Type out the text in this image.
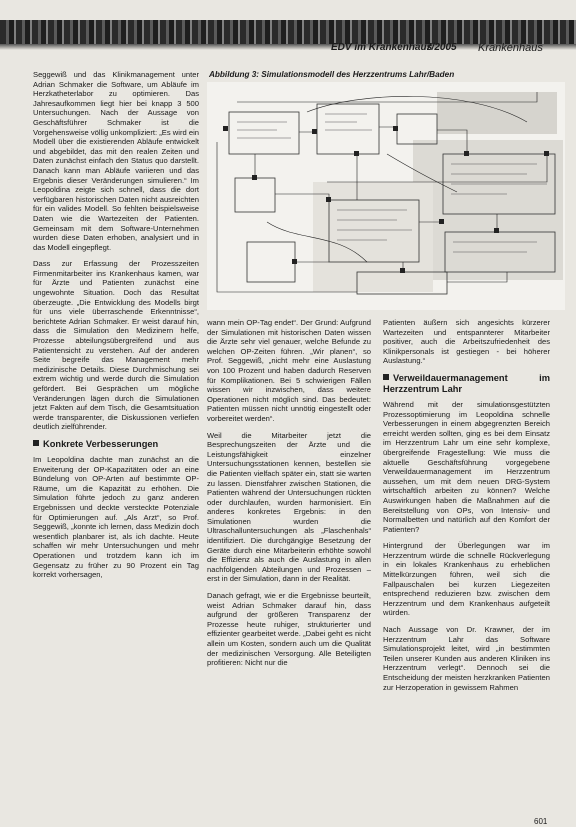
EDV im Krankenhaus
7/2005 Krankenhaus

Seggewiß und das Klinikmanagement unter Adrian Schmaker die Software, um Abläufe im Herzkatheterlabor zu optimieren. Das Jahresaufkommen liegt hier bei knapp 3 500 Untersuchungen. Nach der Aussage von Geschäftsführer Schmaker ist die Vorgehensweise völlig unkompliziert: „Es wird ein Modell über die existierenden Abläufe entwickelt und abgebildet, das mit den realen Zeiten und Daten zunächst einfach den Status quo darstellt. Danach kann man Abläufe variieren und das Ergebnis dieser Veränderungen simulieren.“ Im Leopoldina zeigte sich schnell, dass die dort verfügbaren historischen Daten nicht ausreichten für ein valides Modell. So fehlten beispielsweise Daten wie die Wartezeiten der Patienten. Gemeinsam mit dem Software-Unternehmen wurden diese Daten erhoben, analysiert und in das Modell eingepflegt.

Dass zur Erfassung der Prozesszeiten Firmenmitarbeiter ins Krankenhaus kamen, war für Ärzte und Patienten zunächst eine ungewohnte Situation. Doch das Resultat überzeugte. „Die Entwicklung des Modells birgt für uns viele überraschende Erkenntnisse“, berichtete Adrian Schmaker. Er weist darauf hin, dass die Simulation den Medizinern helfe, Prozesse abteilungsübergreifend und aus Patientensicht zu verstehen. Auf der anderen Seite begreife das Management mehr medizinische Details. Diese Durchmischung sei extrem wichtig und werde durch die Simulation gefördert. Bei Gesprächen um mögliche Veränderungen lägen durch die Simulationen jetzt Fakten auf dem Tisch, die Gesamtsituation werde transparenter, die Diskussionen verliefen deutlich zielführender.

Konkrete Verbesserungen

Im Leopoldina dachte man zunächst an die Erweiterung der OP-Kapazitäten oder an eine Bündelung von OP-Arten auf bestimmte OP-Räume, um die Kapazität zu erhöhen. Die Simulation führte jedoch zu ganz anderen Ergebnissen und deckte versteckte Potenziale für Optimierungen auf. „Als Arzt“, so Prof. Seggewiß, „konnte ich lernen, dass Medizin doch wesentlich planbarer ist, als ich dachte. Heute schaffen wir mehr Untersuchungen und mehr Operationen und trotzdem kann ich im Gegensatz zu früher zu 90 Prozent ein Tag korrekt vorhersagen,

Abbildung 3: Simulationsmodell des Herzzentrums Lahr/Baden

wann mein OP-Tag endet“. Der Grund: Aufgrund der Simulationen mit historischen Daten wissen die Ärzte sehr viel genauer, welche Befunde zu welchen OP-Zeiten führen. „Wir planen“, so Prof. Seggewiß, „nicht mehr eine Auslastung von 100 Prozent und haben dadurch Reserven für Komplikationen. Bei 5 schwierigen Fällen wissen wir inzwischen, dass weitere Operationen nicht möglich sind. Das bedeutet: Patienten müssen nicht unnötig eingestellt oder vorbereitet werden“.

Weil die Mitarbeiter jetzt die Besprechungszeiten der Ärzte und die Leistungsfähigkeit einzelner Untersuchungsstationen kennen, bestellen sie die Patienten vielfach später ein, statt sie warten zu lassen. Dienstfahrer zwischen Stationen, die Patienten während der Untersuchungen rückten oder durchlaufen, wurden harmonisiert. Ein anderes konkretes Ergebnis: in den Simulationen wurden die Ultraschalluntersuchungen als „Flaschenhals“ identifiziert. Die durchgängige Besetzung der Geräte durch eine Mitarbeiterin erhöhte sowohl die Effizienz als auch die Auslastung in allen nachfolgenden Abteilungen und Prozessen – erst in der Simulation, dann in der Realität.

Danach gefragt, wie er die Ergebnisse beurteilt, weist Adrian Schmaker darauf hin, dass aufgrund der größeren Transparenz der Prozesse heute ruhiger, strukturierter und effizienter gearbeitet werde. „Dabei geht es nicht allein um Kosten, sondern auch um die Qualität der medizinischen Versorgung. Alle Beteiligten profitieren: Nicht nur die

Patienten äußern sich angesichts kürzerer Wartezeiten und entspannterer Mitarbeiter positiver, auch die Arbeitszufriedenheit des Klinikpersonals ist gestiegen - bei höherer Auslastung.“

Verweildauermanagement im Herzzentrum Lahr

Während mit der simulationsgestützten Prozessoptimierung im Leopoldina schnelle Verbesserungen in einem abgegrenzten Bereich erreicht werden sollten, ging es bei dem Einsatz im Herzzentrum Lahr um eine sehr komplexe, übergreifende Fragestellung: Wie muss die aktuelle Geschäftsführung vorgegebene Verweildauermanagement im Herzzentrum aussehen, um mit dem neuen DRG-System wirtschaftlich arbeiten zu können? Welche Auswirkungen haben die Maßnahmen auf die Bereitstellung von OPs, von Intensiv- und Normalbetten und natürlich auf den Komfort der Patienten?

Hintergrund der Überlegungen war im Herzzentrum würde die schnelle Rückverlegung in ein lokales Krankenhaus zu erheblichen Mittelkürzungen führen, weil sich die Fallpauschalen bei kurzen Liegezeiten entsprechend reduzieren bzw. zwischen dem Herzzentrum und dem Krankenhaus aufgeteilt würden.

Nach Aussage von Dr. Krawner, der im Herzzentrum Lahr das Software Simulationsprojekt leitet, wird „in bestimmten Teilen unserer Kunden aus anderen Kliniken ins Herzzentrum verlegt“. Dennoch sei die Entscheidung der meisten herzkranken Patienten zur Herzoperation in gewissem Rahmen

601
